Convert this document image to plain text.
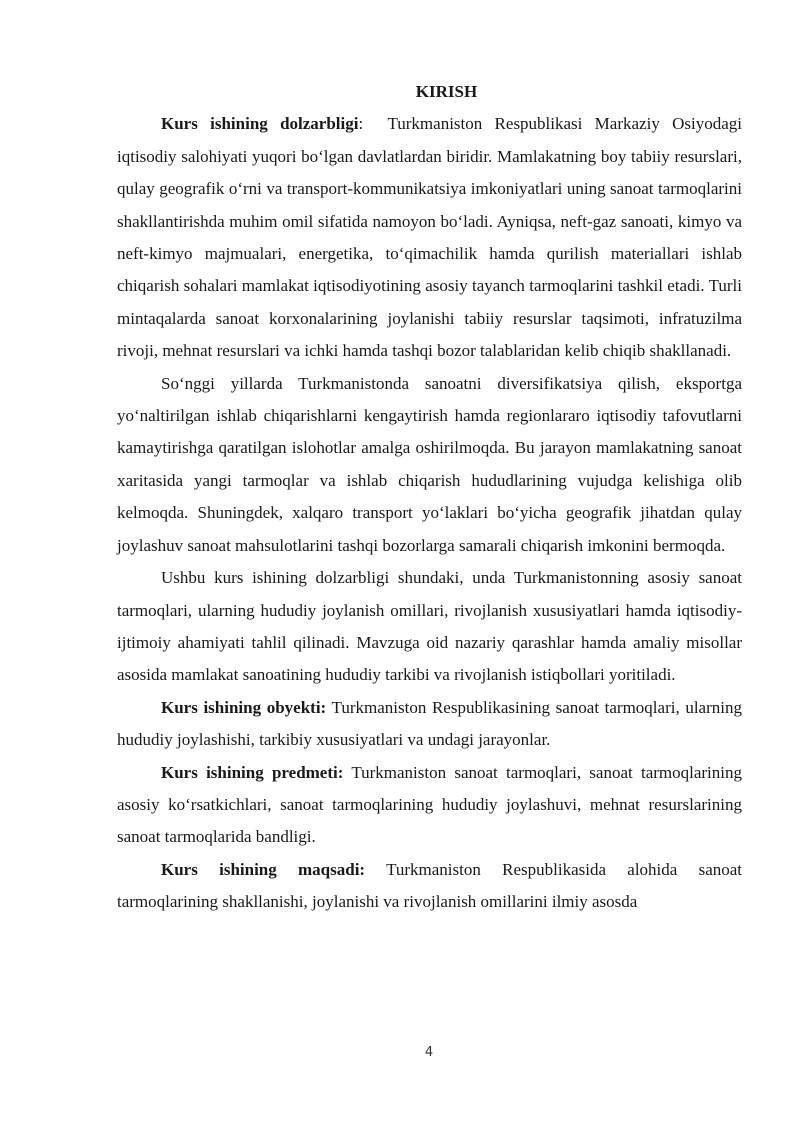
KIRISH

Kurs ishining dolzarbligi:  Turkmaniston Respublikasi Markaziy Osiyodagi iqtisodiy salohiyati yuqori bo‘lgan davlatlardan biridir. Mamlakatning boy tabiiy resurslari, qulay geografik o‘rni va transport-kommunikatsiya imkoniyatlari uning sanoat tarmoqlarini shakllantirishda muhim omil sifatida namoyon bo‘ladi. Ayniqsa, neft-gaz sanoati, kimyo va neft-kimyo majmualari, energetika, to‘qimachilik hamda qurilish materiallari ishlab chiqarish sohalari mamlakat iqtisodiyotining asosiy tayanch tarmoqlarini tashkil etadi. Turli mintaqalarda sanoat korxonalarining joylanishi tabiiy resurslar taqsimoti, infratuzilma rivoji, mehnat resurslari va ichki hamda tashqi bozor talablaridan kelib chiqib shakllanadi.

So‘nggi yillarda Turkmanistonda sanoatni diversifikatsiya qilish, eksportga yo‘naltirilgan ishlab chiqarishlarni kengaytirish hamda regionlararo iqtisodiy tafovutlarni kamaytirishga qaratilgan islohotlar amalga oshirilmoqda. Bu jarayon mamlakatning sanoat xaritasida yangi tarmoqlar va ishlab chiqarish hududlarining vujudga kelishiga olib kelmoqda. Shuningdek, xalqaro transport yo‘laklari bo‘yicha geografik jihatdan qulay joylashuv sanoat mahsulotlarini tashqi bozorlarga samarali chiqarish imkonini bermoqda.

Ushbu kurs ishining dolzarbligi shundaki, unda Turkmanistonning asosiy sanoat tarmoqlari, ularning hududiy joylanish omillari, rivojlanish xususiyatlari hamda iqtisodiy-ijtimoiy ahamiyati tahlil qilinadi. Mavzuga oid nazariy qarashlar hamda amaliy misollar asosida mamlakat sanoatining hududiy tarkibi va rivojlanish istiqbollari yoritiladi.

Kurs ishining obyekti: Turkmaniston Respublikasining sanoat tarmoqlari, ularning hududiy joylashishi, tarkibiy xususiyatlari va undagi jarayonlar.

Kurs ishining predmeti: Turkmaniston sanoat tarmoqlari, sanoat tarmoqlarining asosiy ko‘rsatkichlari, sanoat tarmoqlarining hududiy joylashuvi, mehnat resurslarining sanoat tarmoqlarida bandligi.

Kurs ishining maqsadi: Turkmaniston Respublikasida alohida sanoat tarmoqlarining shakllanishi, joylanishi va rivojlanish omillarini ilmiy asosda

4
